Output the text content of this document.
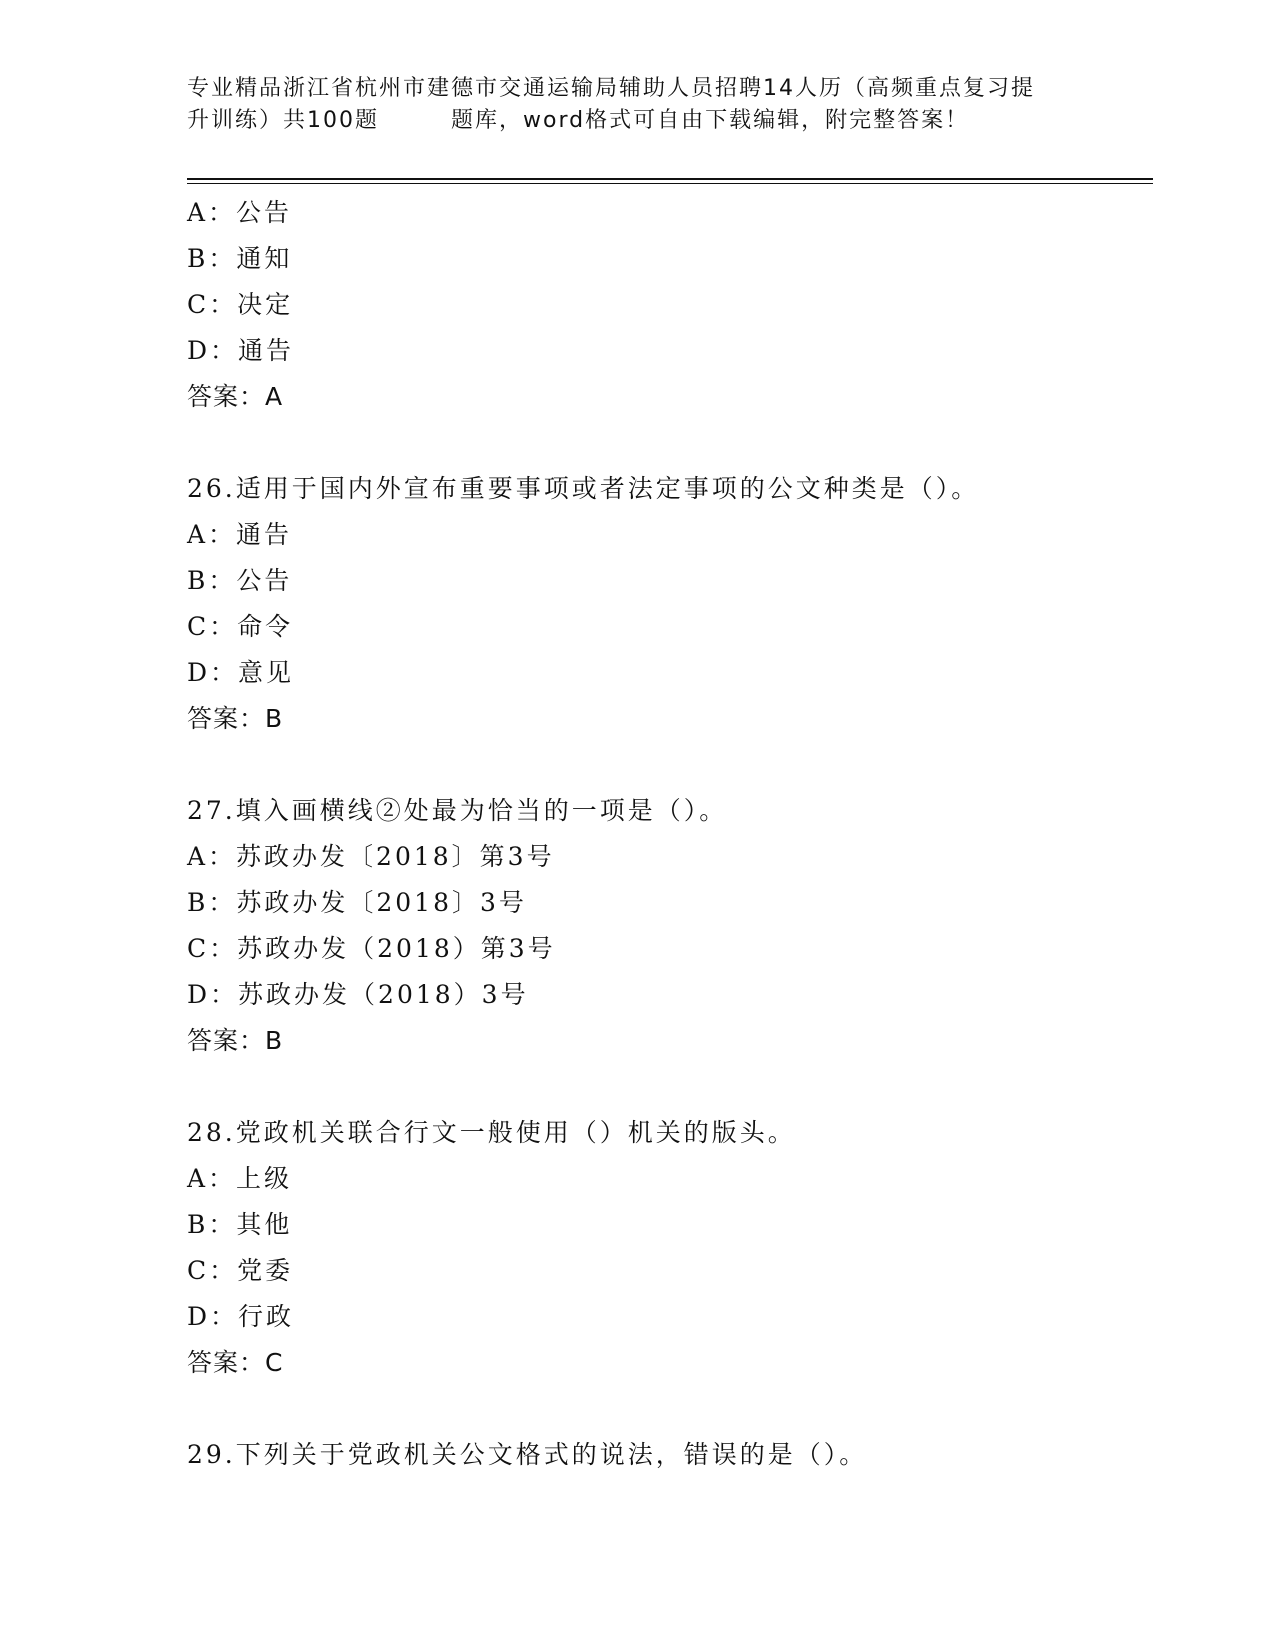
专业精品浙江省杭州市建德市交通运输局辅助人员招聘14人历（高频重点复习提
升训练）共100题	题库，word格式可自由下载编辑，附完整答案！
A：公告
B：通知
C：决定
D：通告
答案：A
26.适用于国内外宣布重要事项或者法定事项的公文种类是（）。
A：通告
B：公告
C：命令
D：意见
答案：B
27.填入画横线②处最为恰当的一项是（）。
A：苏政办发〔2018〕第3号
B：苏政办发〔2018〕3号
C：苏政办发（2018）第3号
D：苏政办发（2018）3号
答案：B
28.党政机关联合行文一般使用（）机关的版头。
A：上级
B：其他
C：党委
D：行政
答案：C
29.下列关于党政机关公文格式的说法，错误的是（）。
